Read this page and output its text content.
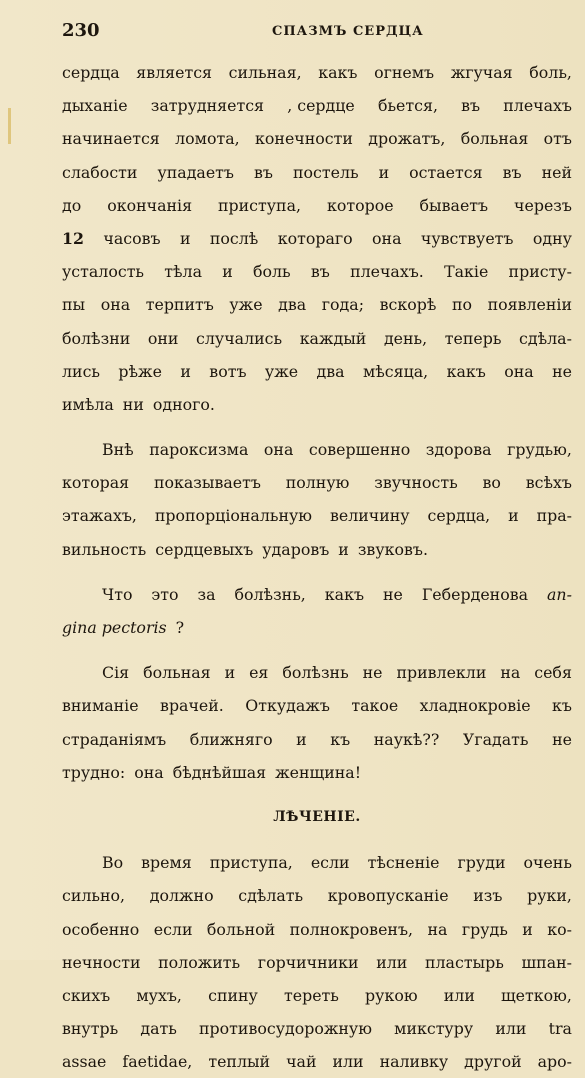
230	СПАЗМЪ СЕРДЦА
сердца является сильная, какъ огнемъ жгучая боль,
дыханіе затрудняется , сердце бьется, въ плечахъ
начинается ломота, конечности дрожатъ, больная отъ
слабости упадаетъ въ постель и остается въ ней
до окончанія приступа, которое бываетъ черезъ
12 часовъ и послѣ котораго она чувствуетъ одну
усталость тѣла и боль въ плечахъ. Такіе присту-
пы она терпитъ уже два года; вскорѣ по появленіи
болѣзни они случались каждый день, теперь сдѣла-
лись рѣже и вотъ уже два мѣсяца, какъ она не
имѣла ни одного.
Внѣ пароксизма она совершенно здорова грудью,
которая показываетъ полную звучность во всѣхъ
этажахъ, пропорціональную величину сердца, и пра-
вильность сердцевыхъ ударовъ и звуковъ.
Что это за болѣзнь, какъ не Геберденова an-
gina pectoris ?
Сія больная и ея болѣзнь не привлекли на себя
вниманіе врачей. Откудажъ такое хладнокровіе къ
страданіямъ ближняго и къ наукѣ?? Угадать не
трудно: она бѣднѣйшая женщина!
ЛѢЧЕНІЕ.
Во время приступа, если тѣсненіе груди очень
сильно, должно сдѣлать кровопусканіе изъ руки,
особенно если больной полнокровенъ, на грудь и ко-
нечности положить горчичники или пластырь шпан-
скихъ мухъ, спину тереть рукою или щеткою,
внутрь дать противосудорожную микстуру или tra
assae faetidae, теплый чай или наливку другой аро-
